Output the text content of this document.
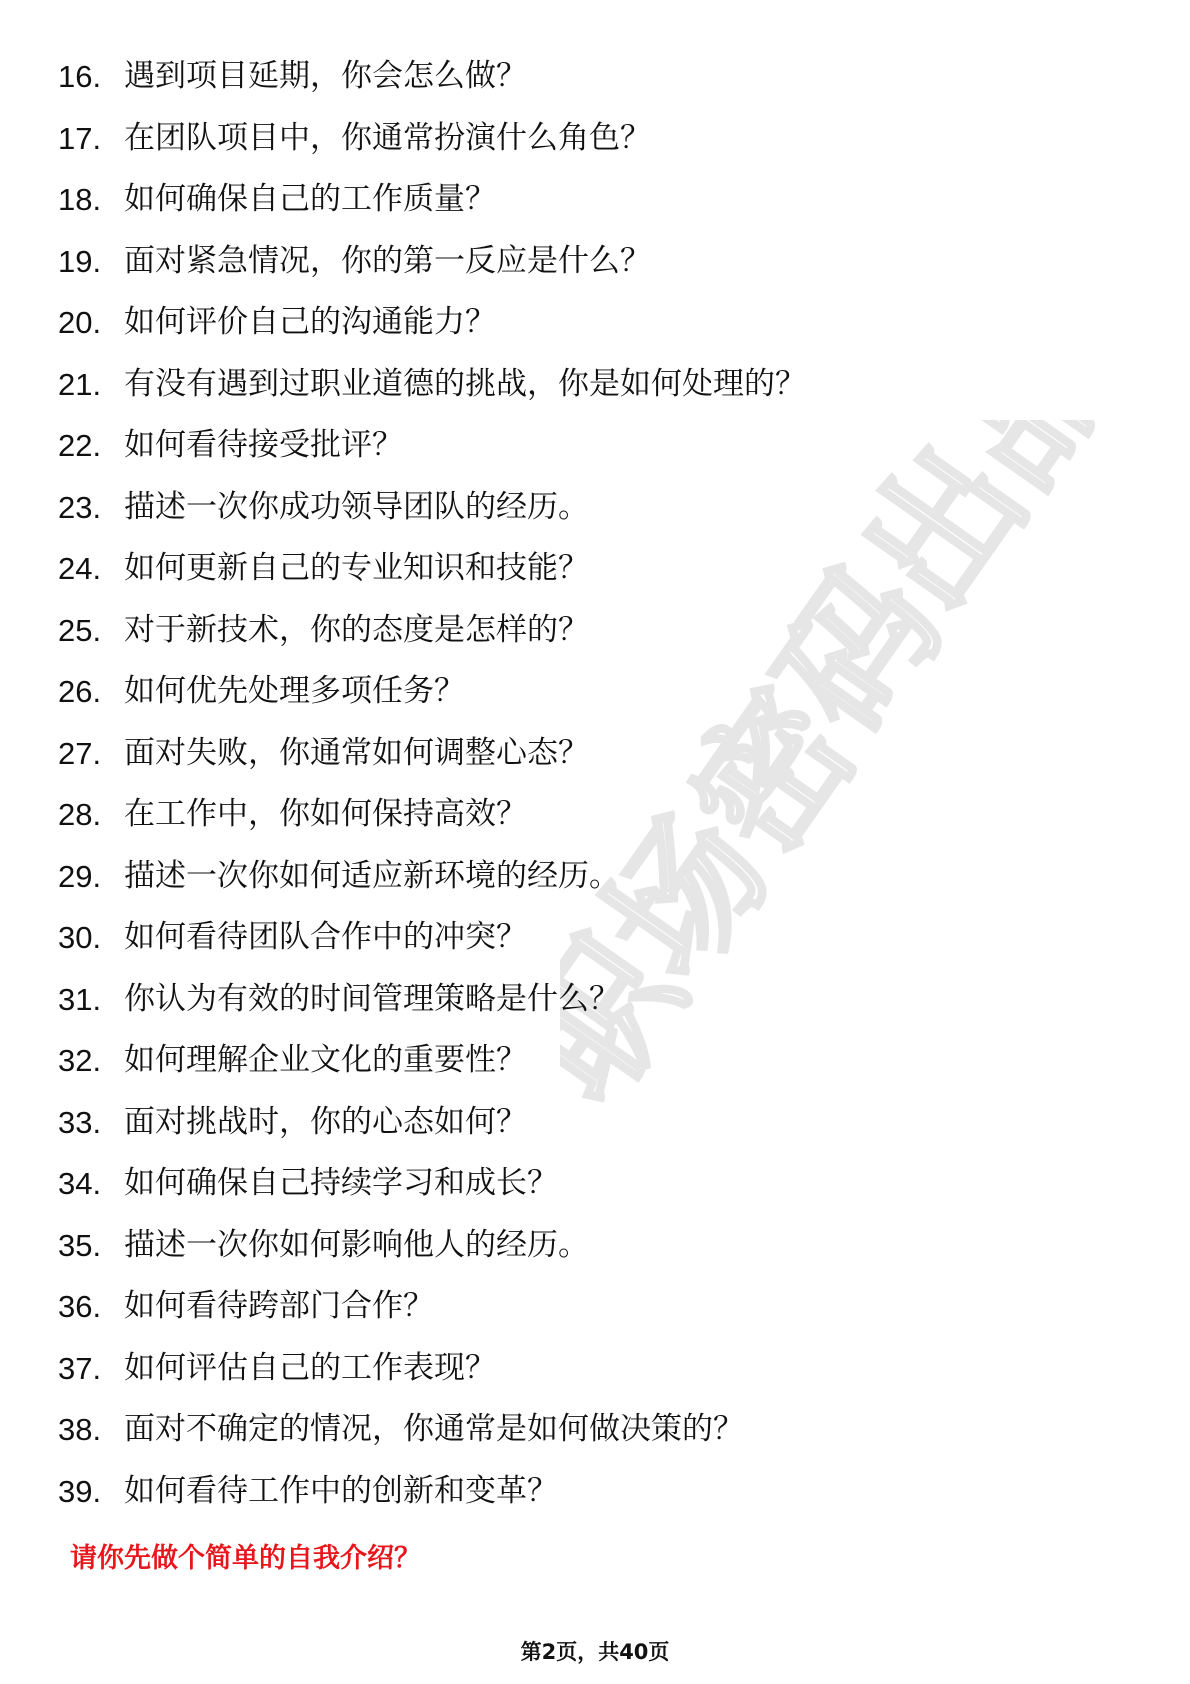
职场密码出品
16. 遇到项目延期，你会怎么做？
17. 在团队项目中，你通常扮演什么角色？
18. 如何确保自己的工作质量？
19. 面对紧急情况，你的第一反应是什么？
20. 如何评价自己的沟通能力？
21. 有没有遇到过职业道德的挑战，你是如何处理的？
22. 如何看待接受批评？
23. 描述一次你成功领导团队的经历。
24. 如何更新自己的专业知识和技能？
25. 对于新技术，你的态度是怎样的？
26. 如何优先处理多项任务？
27. 面对失败，你通常如何调整心态？
28. 在工作中，你如何保持高效？
29. 描述一次你如何适应新环境的经历。
30. 如何看待团队合作中的冲突？
31. 你认为有效的时间管理策略是什么？
32. 如何理解企业文化的重要性？
33. 面对挑战时，你的心态如何？
34. 如何确保自己持续学习和成长？
35. 描述一次你如何影响他人的经历。
36. 如何看待跨部门合作？
37. 如何评估自己的工作表现？
38. 面对不确定的情况，你通常是如何做决策的？
39. 如何看待工作中的创新和变革？
请你先做个简单的自我介绍？
第2页，共40页
